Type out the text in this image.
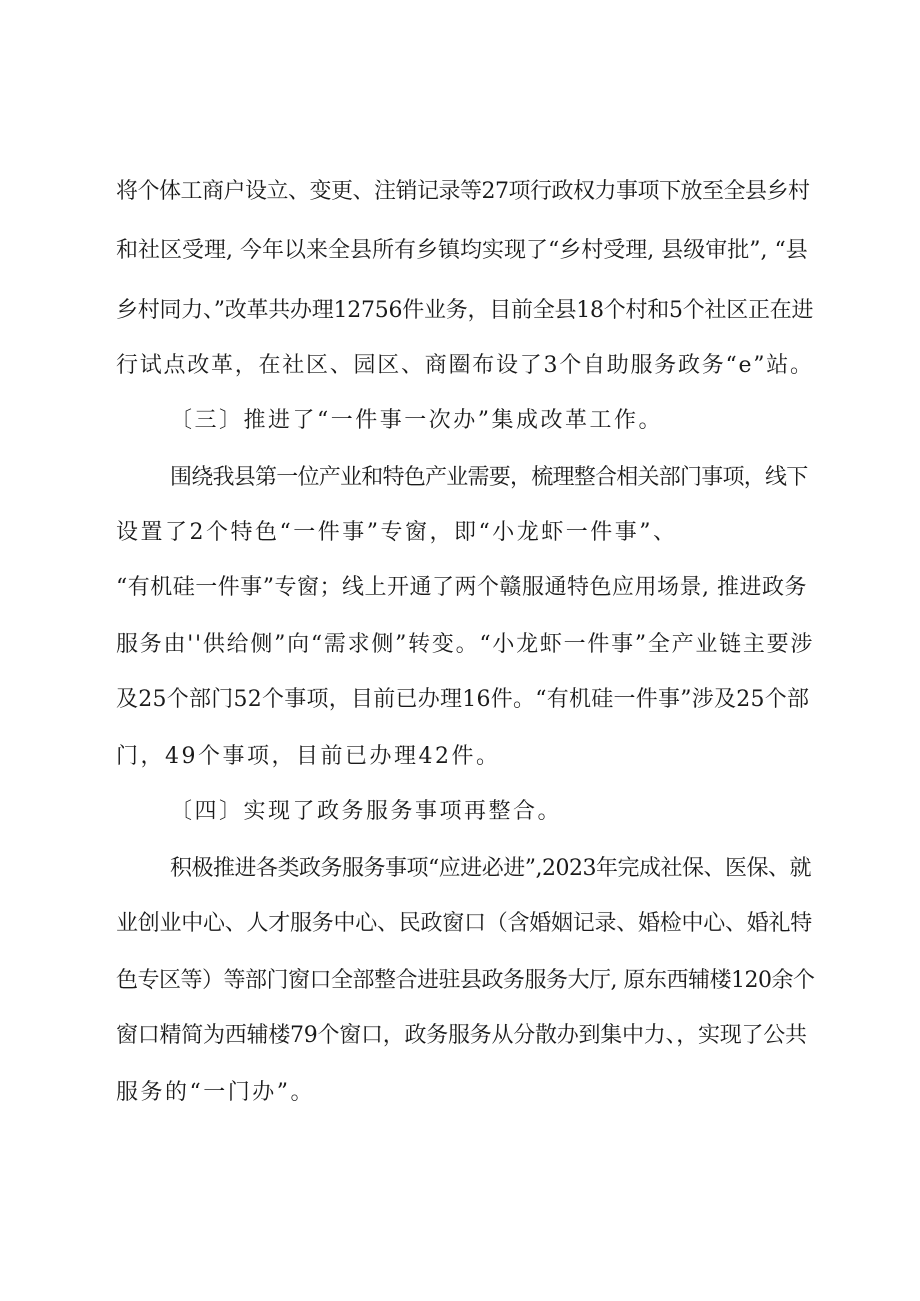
将个体工商户设立、变更、注销记录等27项行政权力事项下放至全县乡村
和社区受理, 今年以来全县所有乡镇均实现了“乡村受理, 县级审批”, “县
乡村同力、”改革共办理12756件业务，目前全县18个村和5个社区正在进
行试点改革，在社区、园区、商圈布设了3个自助服务政务“e”站。
〔三〕推进了“一件事一次办”集成改革工作。
围绕我县第一位产业和特色产业需要，梳理整合相关部门事项，线下
设置了2个特色“一件事”专窗，即“小龙虾一件事”、
“有机硅一件事”专窗；线上开通了两个赣服通特色应用场景, 推进政务
服务由''供给侧”向“需求侧”转变。“小龙虾一件事”全产业链主要涉
及25个部门52个事项，目前已办理16件。“有机硅一件事”涉及25个部
门，49个事项，目前已办理42件。
〔四〕实现了政务服务事项再整合。
积极推进各类政务服务事项“应进必进”,2023年完成社保、医保、就
业创业中心、人才服务中心、民政窗口（含婚姻记录、婚检中心、婚礼特
色专区等）等部门窗口全部整合进驻县政务服务大厅, 原东西辅楼120余个
窗口精简为西辅楼79个窗口，政务服务从分散办到集中力、，实现了公共
服务的“一门办”。
